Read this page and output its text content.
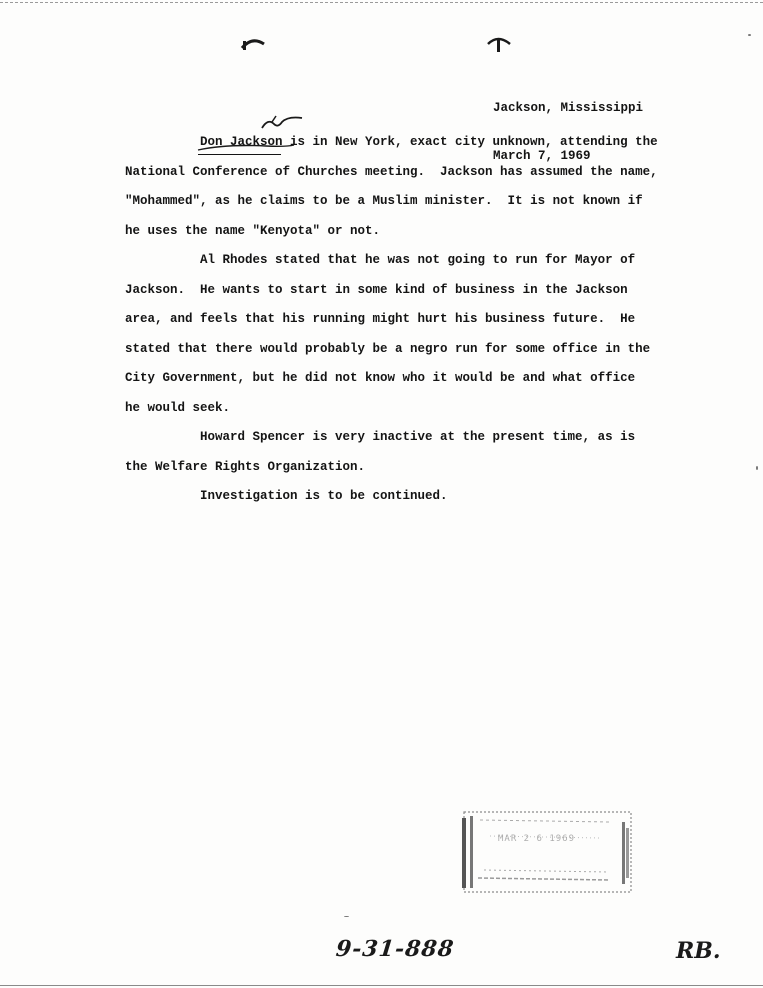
Jackson, Mississippi

March 7, 1969

Don Jackson is in New York, exact city unknown, attending the
National Conference of Churches meeting.  Jackson has assumed the name,
"Mohammed", as he claims to be a Muslim minister.  It is not known if
he uses the name "Kenyota" or not.
Al Rhodes stated that he was not going to run for Mayor of
Jackson.  He wants to start in some kind of business in the Jackson
area, and feels that his running might hurt his business future.  He
stated that there would probably be a negro run for some office in the
City Government, but he did not know who it would be and what office
he would seek.
Howard Spencer is very inactive at the present time, as is
the Welfare Rights Organization.
Investigation is to be continued.
MAR 2 6 1969
9-31-888	RB.
